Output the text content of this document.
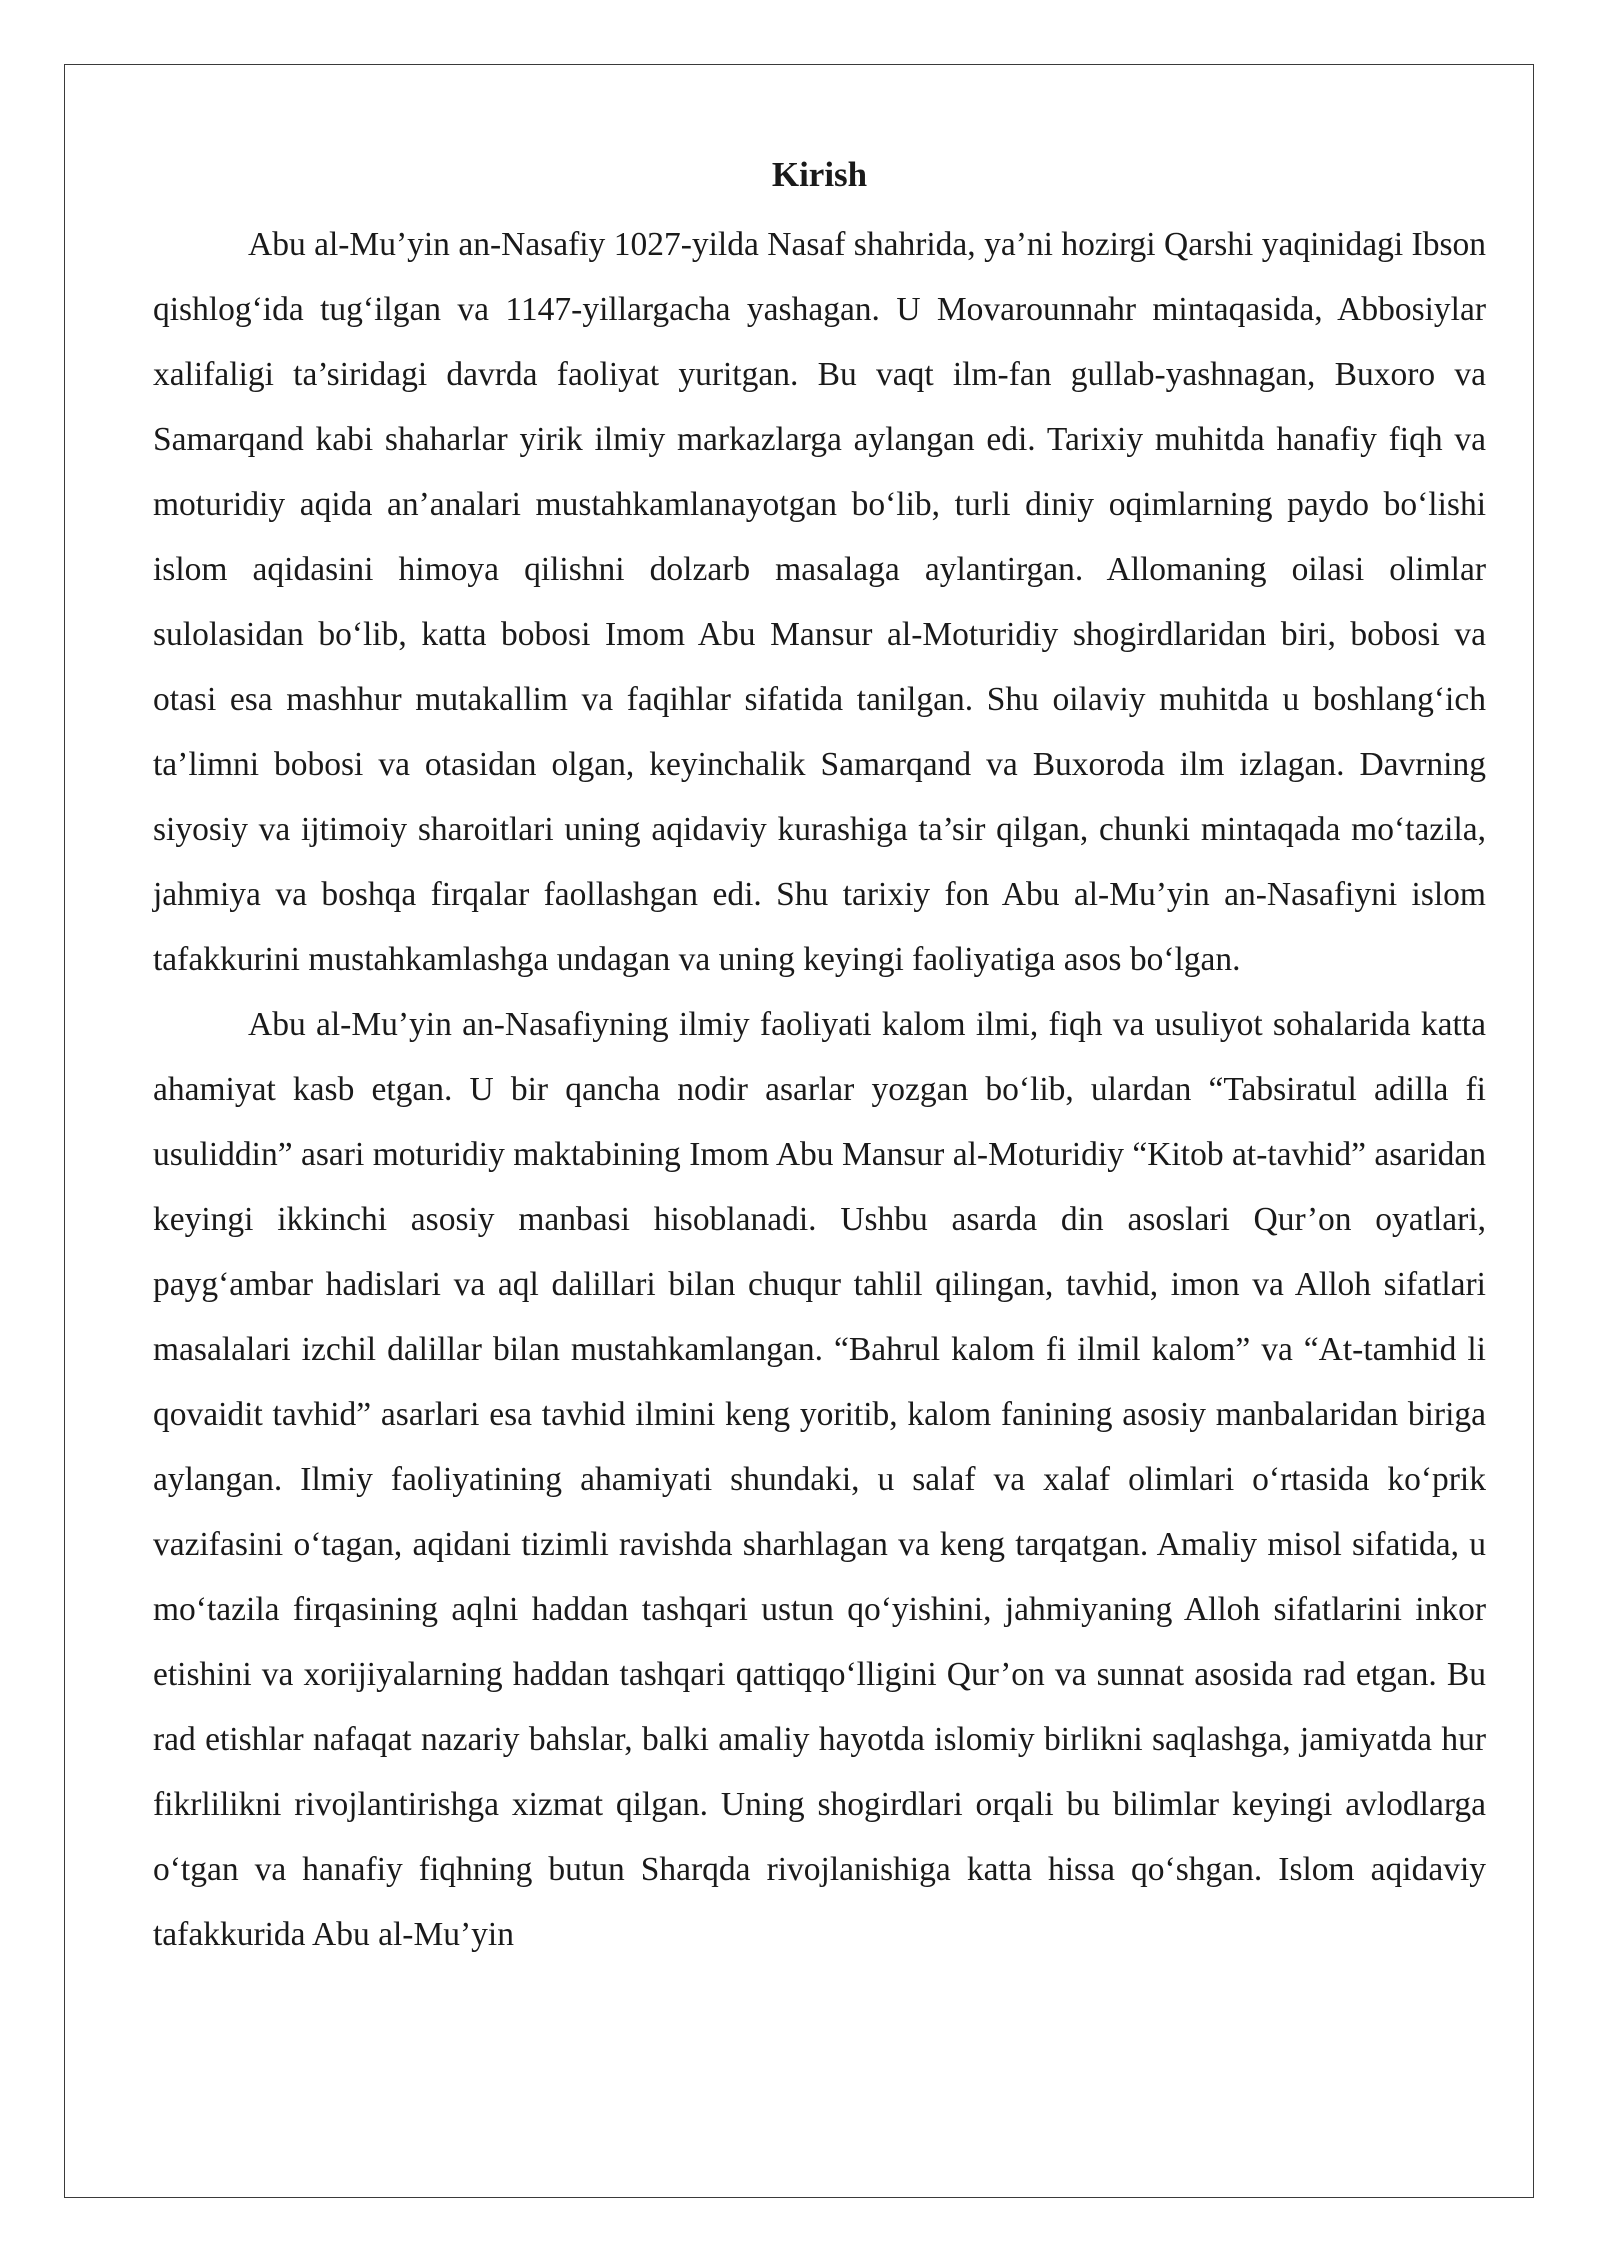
Kirish

Abu al-Mu’yin an-Nasafiy 1027-yilda Nasaf shahrida, ya’ni hozirgi Qarshi yaqinidagi Ibson qishlog‘ida tug‘ilgan va 1147-yillargacha yashagan. U Movarounnahr mintaqasida, Abbosiylar xalifaligi ta’siridagi davrda faoliyat yuritgan. Bu vaqt ilm-fan gullab-yashnagan, Buxoro va Samarqand kabi shaharlar yirik ilmiy markazlarga aylangan edi. Tarixiy muhitda hanafiy fiqh va moturidiy aqida an’analari mustahkamlanayotgan bo‘lib, turli diniy oqimlarning paydo bo‘lishi islom aqidasini himoya qilishni dolzarb masalaga aylantirgan. Allomaning oilasi olimlar sulolasidan bo‘lib, katta bobosi Imom Abu Mansur al-Moturidiy shogirdlaridan biri, bobosi va otasi esa mashhur mutakallim va faqihlar sifatida tanilgan. Shu oilaviy muhitda u boshlang‘ich ta’limni bobosi va otasidan olgan, keyinchalik Samarqand va Buxoroda ilm izlagan. Davrning siyosiy va ijtimoiy sharoitlari uning aqidaviy kurashiga ta’sir qilgan, chunki mintaqada mo‘tazila, jahmiya va boshqa firqalar faollashgan edi. Shu tarixiy fon Abu al-Mu’yin an-Nasafiyni islom tafakkurini mustahkamlashga undagan va uning keyingi faoliyatiga asos bo‘lgan.

Abu al-Mu’yin an-Nasafiyning ilmiy faoliyati kalom ilmi, fiqh va usuliyot sohalarida katta ahamiyat kasb etgan. U bir qancha nodir asarlar yozgan bo‘lib, ulardan “Tabsiratul adilla fi usuliddin” asari moturidiy maktabining Imom Abu Mansur al-Moturidiy “Kitob at-tavhid” asaridan keyingi ikkinchi asosiy manbasi hisoblanadi. Ushbu asarda din asoslari Qur’on oyatlari, payg‘ambar hadislari va aql dalillari bilan chuqur tahlil qilingan, tavhid, imon va Alloh sifatlari masalalari izchil dalillar bilan mustahkamlangan. “Bahrul kalom fi ilmil kalom” va “At-tamhid li qovaidit tavhid” asarlari esa tavhid ilmini keng yoritib, kalom fanining asosiy manbalaridan biriga aylangan. Ilmiy faoliyatining ahamiyati shundaki, u salaf va xalaf olimlari o‘rtasida ko‘prik vazifasini o‘tagan, aqidani tizimli ravishda sharhlagan va keng tarqatgan. Amaliy misol sifatida, u mo‘tazila firqasining aqlni haddan tashqari ustun qo‘yishini, jahmiyaning Alloh sifatlarini inkor etishini va xorijiyalarning haddan tashqari qattiqqo‘lligini Qur’on va sunnat asosida rad etgan. Bu rad etishlar nafaqat nazariy bahslar, balki amaliy hayotda islomiy birlikni saqlashga, jamiyatda hur fikrlilikni rivojlantirishga xizmat qilgan. Uning shogirdlari orqali bu bilimlar keyingi avlodlarga o‘tgan va hanafiy fiqhning butun Sharqda rivojlanishiga katta hissa qo‘shgan. Islom aqidaviy tafakkurida Abu al-Mu’yin
